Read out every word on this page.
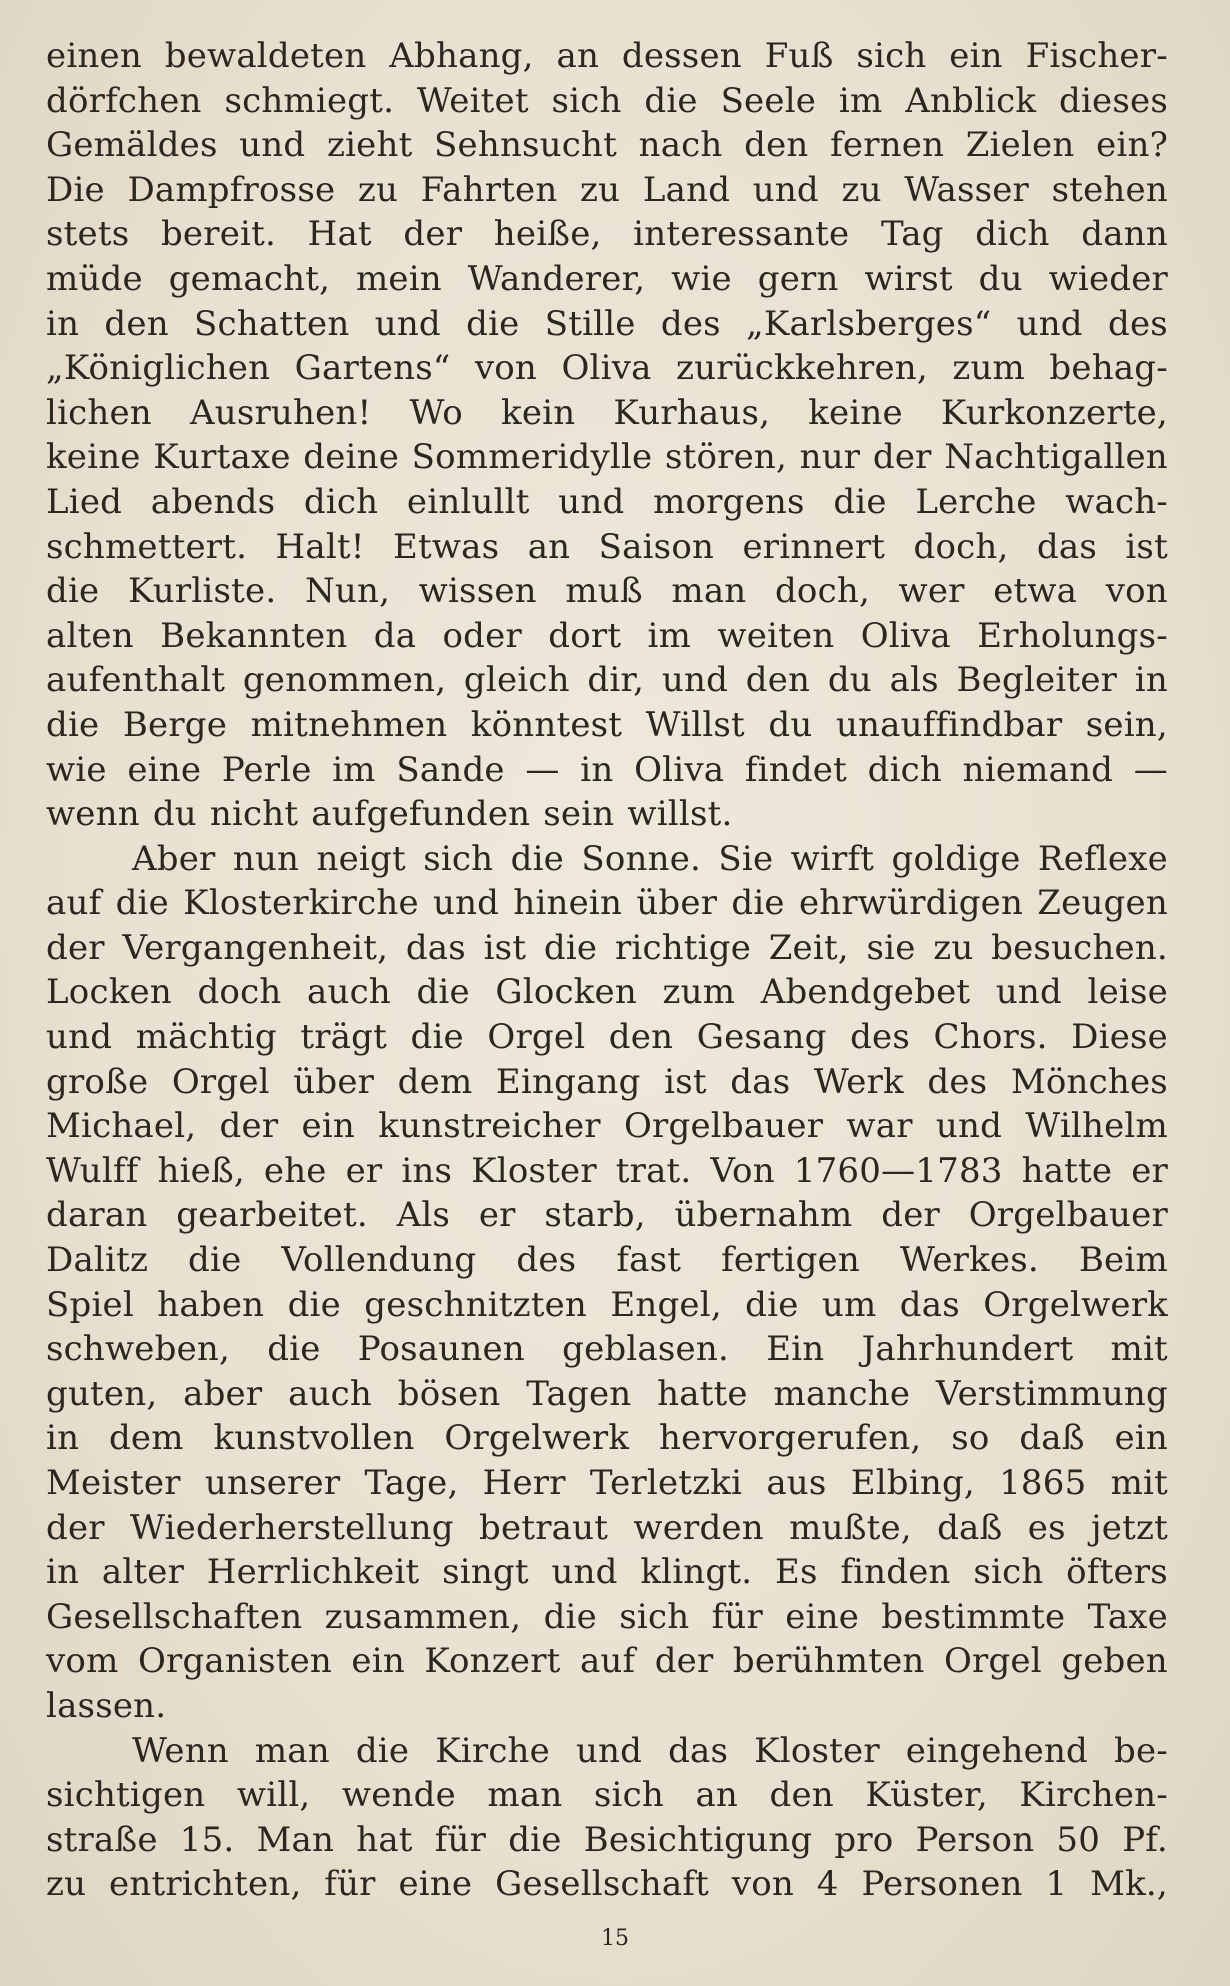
einen bewaldeten Abhang, an dessen Fuß sich ein Fischer-
dörfchen schmiegt. Weitet sich die Seele im Anblick dieses
Gemäldes und zieht Sehnsucht nach den fernen Zielen ein?
Die Dampfrosse zu Fahrten zu Land und zu Wasser stehen
stets bereit. Hat der heiße, interessante Tag dich dann
müde gemacht, mein Wanderer, wie gern wirst du wieder
in den Schatten und die Stille des „Karlsberges“ und des
„Königlichen Gartens“ von Oliva zurückkehren, zum behag-
lichen Ausruhen! Wo kein Kurhaus, keine Kurkonzerte,
keine Kurtaxe deine Sommeridylle stören, nur der Nachtigallen
Lied abends dich einlullt und morgens die Lerche wach-
schmettert. Halt! Etwas an Saison erinnert doch, das ist
die Kurliste. Nun, wissen muß man doch, wer etwa von
alten Bekannten da oder dort im weiten Oliva Erholungs-
aufenthalt genommen, gleich dir, und den du als Begleiter in
die Berge mitnehmen könntest Willst du unauffindbar sein,
wie eine Perle im Sande — in Oliva findet dich niemand —
wenn du nicht aufgefunden sein willst.
Aber nun neigt sich die Sonne. Sie wirft goldige Reflexe
auf die Klosterkirche und hinein über die ehrwürdigen Zeugen
der Vergangenheit, das ist die richtige Zeit, sie zu besuchen.
Locken doch auch die Glocken zum Abendgebet und leise
und mächtig trägt die Orgel den Gesang des Chors. Diese
große Orgel über dem Eingang ist das Werk des Mönches
Michael, der ein kunstreicher Orgelbauer war und Wilhelm
Wulff hieß, ehe er ins Kloster trat. Von 1760—1783 hatte er
daran gearbeitet. Als er starb, übernahm der Orgelbauer
Dalitz die Vollendung des fast fertigen Werkes. Beim
Spiel haben die geschnitzten Engel, die um das Orgelwerk
schweben, die Posaunen geblasen. Ein Jahrhundert mit
guten, aber auch bösen Tagen hatte manche Verstimmung
in dem kunstvollen Orgelwerk hervorgerufen, so daß ein
Meister unserer Tage, Herr Terletzki aus Elbing, 1865 mit
der Wiederherstellung betraut werden mußte, daß es jetzt
in alter Herrlichkeit singt und klingt. Es finden sich öfters
Gesellschaften zusammen, die sich für eine bestimmte Taxe
vom Organisten ein Konzert auf der berühmten Orgel geben
lassen.
Wenn man die Kirche und das Kloster eingehend be-
sichtigen will, wende man sich an den Küster, Kirchen-
straße 15. Man hat für die Besichtigung pro Person 50 Pf.
zu entrichten, für eine Gesellschaft von 4 Personen 1 Mk.,
15
